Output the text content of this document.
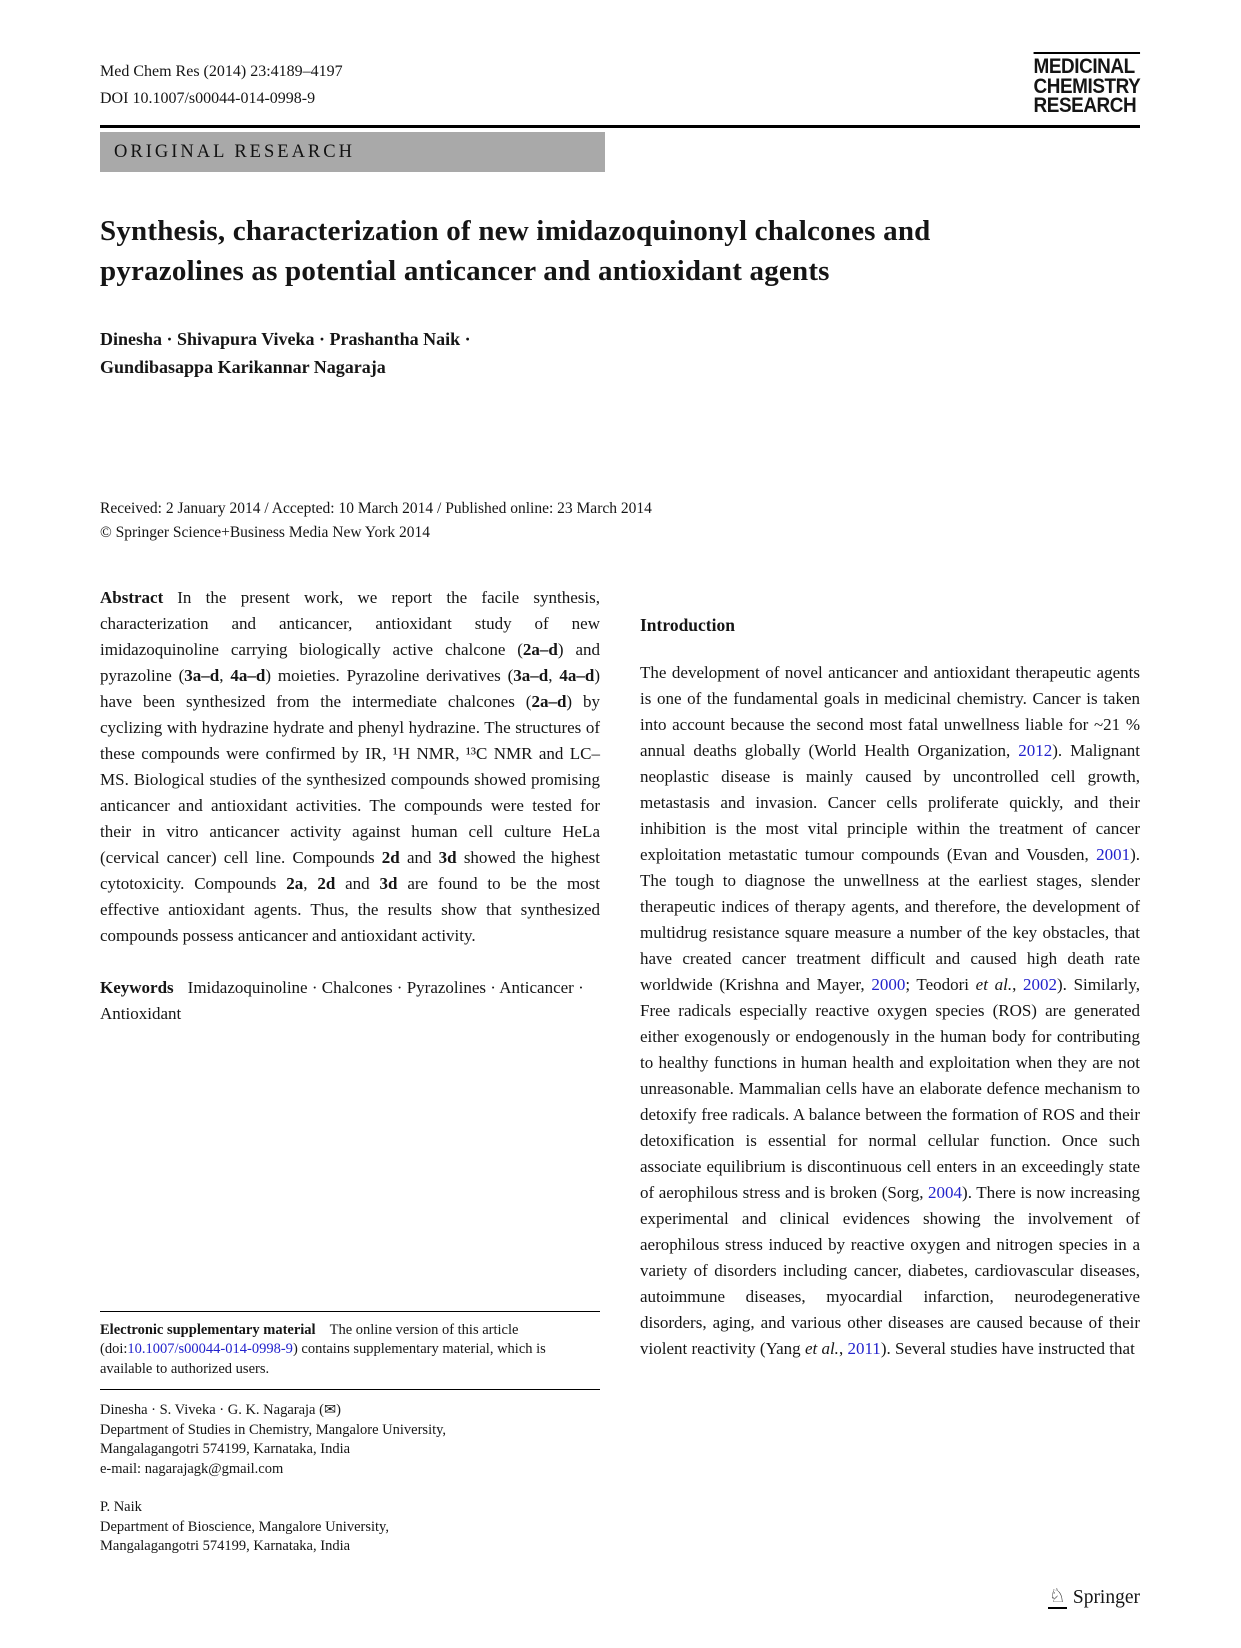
Med Chem Res (2014) 23:4189–4197
DOI 10.1007/s00044-014-0998-9
MEDICINAL
CHEMISTRY
RESEARCH
ORIGINAL RESEARCH
Synthesis, characterization of new imidazoquinonyl chalcones and pyrazolines as potential anticancer and antioxidant agents
Dinesha · Shivapura Viveka · Prashantha Naik ·
Gundibasappa Karikannar Nagaraja
Received: 2 January 2014 / Accepted: 10 March 2014 / Published online: 23 March 2014
© Springer Science+Business Media New York 2014

Abstract In the present work, we report the facile synthesis, characterization and anticancer, antioxidant study of new imidazoquinoline carrying biologically active chalcone (2a–d) and pyrazoline (3a–d, 4a–d) moieties. Pyrazoline derivatives (3a–d, 4a–d) have been synthesized from the intermediate chalcones (2a–d) by cyclizing with hydrazine hydrate and phenyl hydrazine. The structures of these compounds were confirmed by IR, ¹H NMR, ¹³C NMR and LC–MS. Biological studies of the synthesized compounds showed promising anticancer and antioxidant activities. The compounds were tested for their in vitro anticancer activity against human cell culture HeLa (cervical cancer) cell line. Compounds 2d and 3d showed the highest cytotoxicity. Compounds 2a, 2d and 3d are found to be the most effective antioxidant agents. Thus, the results show that synthesized compounds possess anticancer and antioxidant activity.

Keywords Imidazoquinoline · Chalcones · Pyrazolines · Anticancer · Antioxidant

Electronic supplementary material The online version of this article (doi:10.1007/s00044-014-0998-9) contains supplementary material, which is available to authorized users.

Dinesha · S. Viveka · G. K. Nagaraja (✉)
Department of Studies in Chemistry, Mangalore University,
Mangalagangotri 574199, Karnataka, India
e-mail: nagarajagk@gmail.com
P. Naik
Department of Bioscience, Mangalore University,
Mangalagangotri 574199, Karnataka, India
Introduction

The development of novel anticancer and antioxidant therapeutic agents is one of the fundamental goals in medicinal chemistry. Cancer is taken into account because the second most fatal unwellness liable for ~21 % annual deaths globally (World Health Organization, 2012). Malignant neoplastic disease is mainly caused by uncontrolled cell growth, metastasis and invasion. Cancer cells proliferate quickly, and their inhibition is the most vital principle within the treatment of cancer exploitation metastatic tumour compounds (Evan and Vousden, 2001). The tough to diagnose the unwellness at the earliest stages, slender therapeutic indices of therapy agents, and therefore, the development of multidrug resistance square measure a number of the key obstacles, that have created cancer treatment difficult and caused high death rate worldwide (Krishna and Mayer, 2000; Teodori et al., 2002). Similarly, Free radicals especially reactive oxygen species (ROS) are generated either exogenously or endogenously in the human body for contributing to healthy functions in human health and exploitation when they are not unreasonable. Mammalian cells have an elaborate defence mechanism to detoxify free radicals. A balance between the formation of ROS and their detoxification is essential for normal cellular function. Once such associate equilibrium is discontinuous cell enters in an exceedingly state of aerophilous stress and is broken (Sorg, 2004). There is now increasing experimental and clinical evidences showing the involvement of aerophilous stress induced by reactive oxygen and nitrogen species in a variety of disorders including cancer, diabetes, cardiovascular diseases, autoimmune diseases, myocardial infarction, neurodegenerative disorders, aging, and various other diseases are caused because of their violent reactivity (Yang et al., 2011). Several studies have instructed that

♘ Springer
